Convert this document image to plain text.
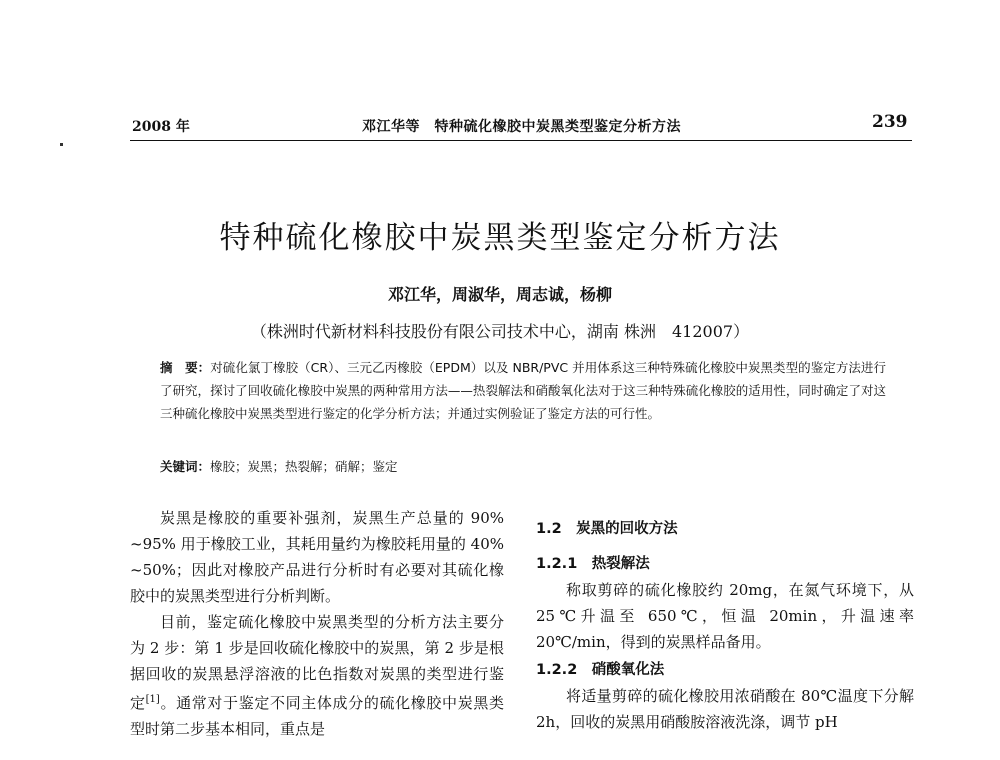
2008 年	邓江华等　特种硫化橡胶中炭黑类型鉴定分析方法	239
特种硫化橡胶中炭黑类型鉴定分析方法
邓江华，周淑华，周志诚，杨柳
（株洲时代新材料科技股份有限公司技术中心，湖南 株洲　412007）
摘　要：对硫化氯丁橡胶（CR）、三元乙丙橡胶（EPDM）以及 NBR/PVC 并用体系这三种特殊硫化橡胶中炭黑类型的鉴定方法进行了研究，探讨了回收硫化橡胶中炭黑的两种常用方法——热裂解法和硝酸氧化法对于这三种特殊硫化橡胶的适用性，同时确定了对这三种硫化橡胶中炭黑类型进行鉴定的化学分析方法；并通过实例验证了鉴定方法的可行性。
关键词：橡胶；炭黑；热裂解；硝解；鉴定

炭黑是橡胶的重要补强剂，炭黑生产总量的 90% ~95% 用于橡胶工业，其耗用量约为橡胶耗用量的 40% ~50%；因此对橡胶产品进行分析时有必要对其硫化橡胶中的炭黑类型进行分析判断。

目前，鉴定硫化橡胶中炭黑类型的分析方法主要分为 2 步：第 1 步是回收硫化橡胶中的炭黑，第 2 步是根据回收的炭黑悬浮溶液的比色指数对炭黑的类型进行鉴定[1]。通常对于鉴定不同主体成分的硫化橡胶中炭黑类型时第二步基本相同，重点是

1.2　炭黑的回收方法
1.2.1　热裂解法

称取剪碎的硫化橡胶约 20mg，在氮气环境下，从 25℃升温至 650℃，恒温 20min，升温速率 20℃/min，得到的炭黑样品备用。

1.2.2　硝酸氧化法

将适量剪碎的硫化橡胶用浓硝酸在 80℃温度下分解 2h，回收的炭黑用硝酸胺溶液洗涤，调节 pH
